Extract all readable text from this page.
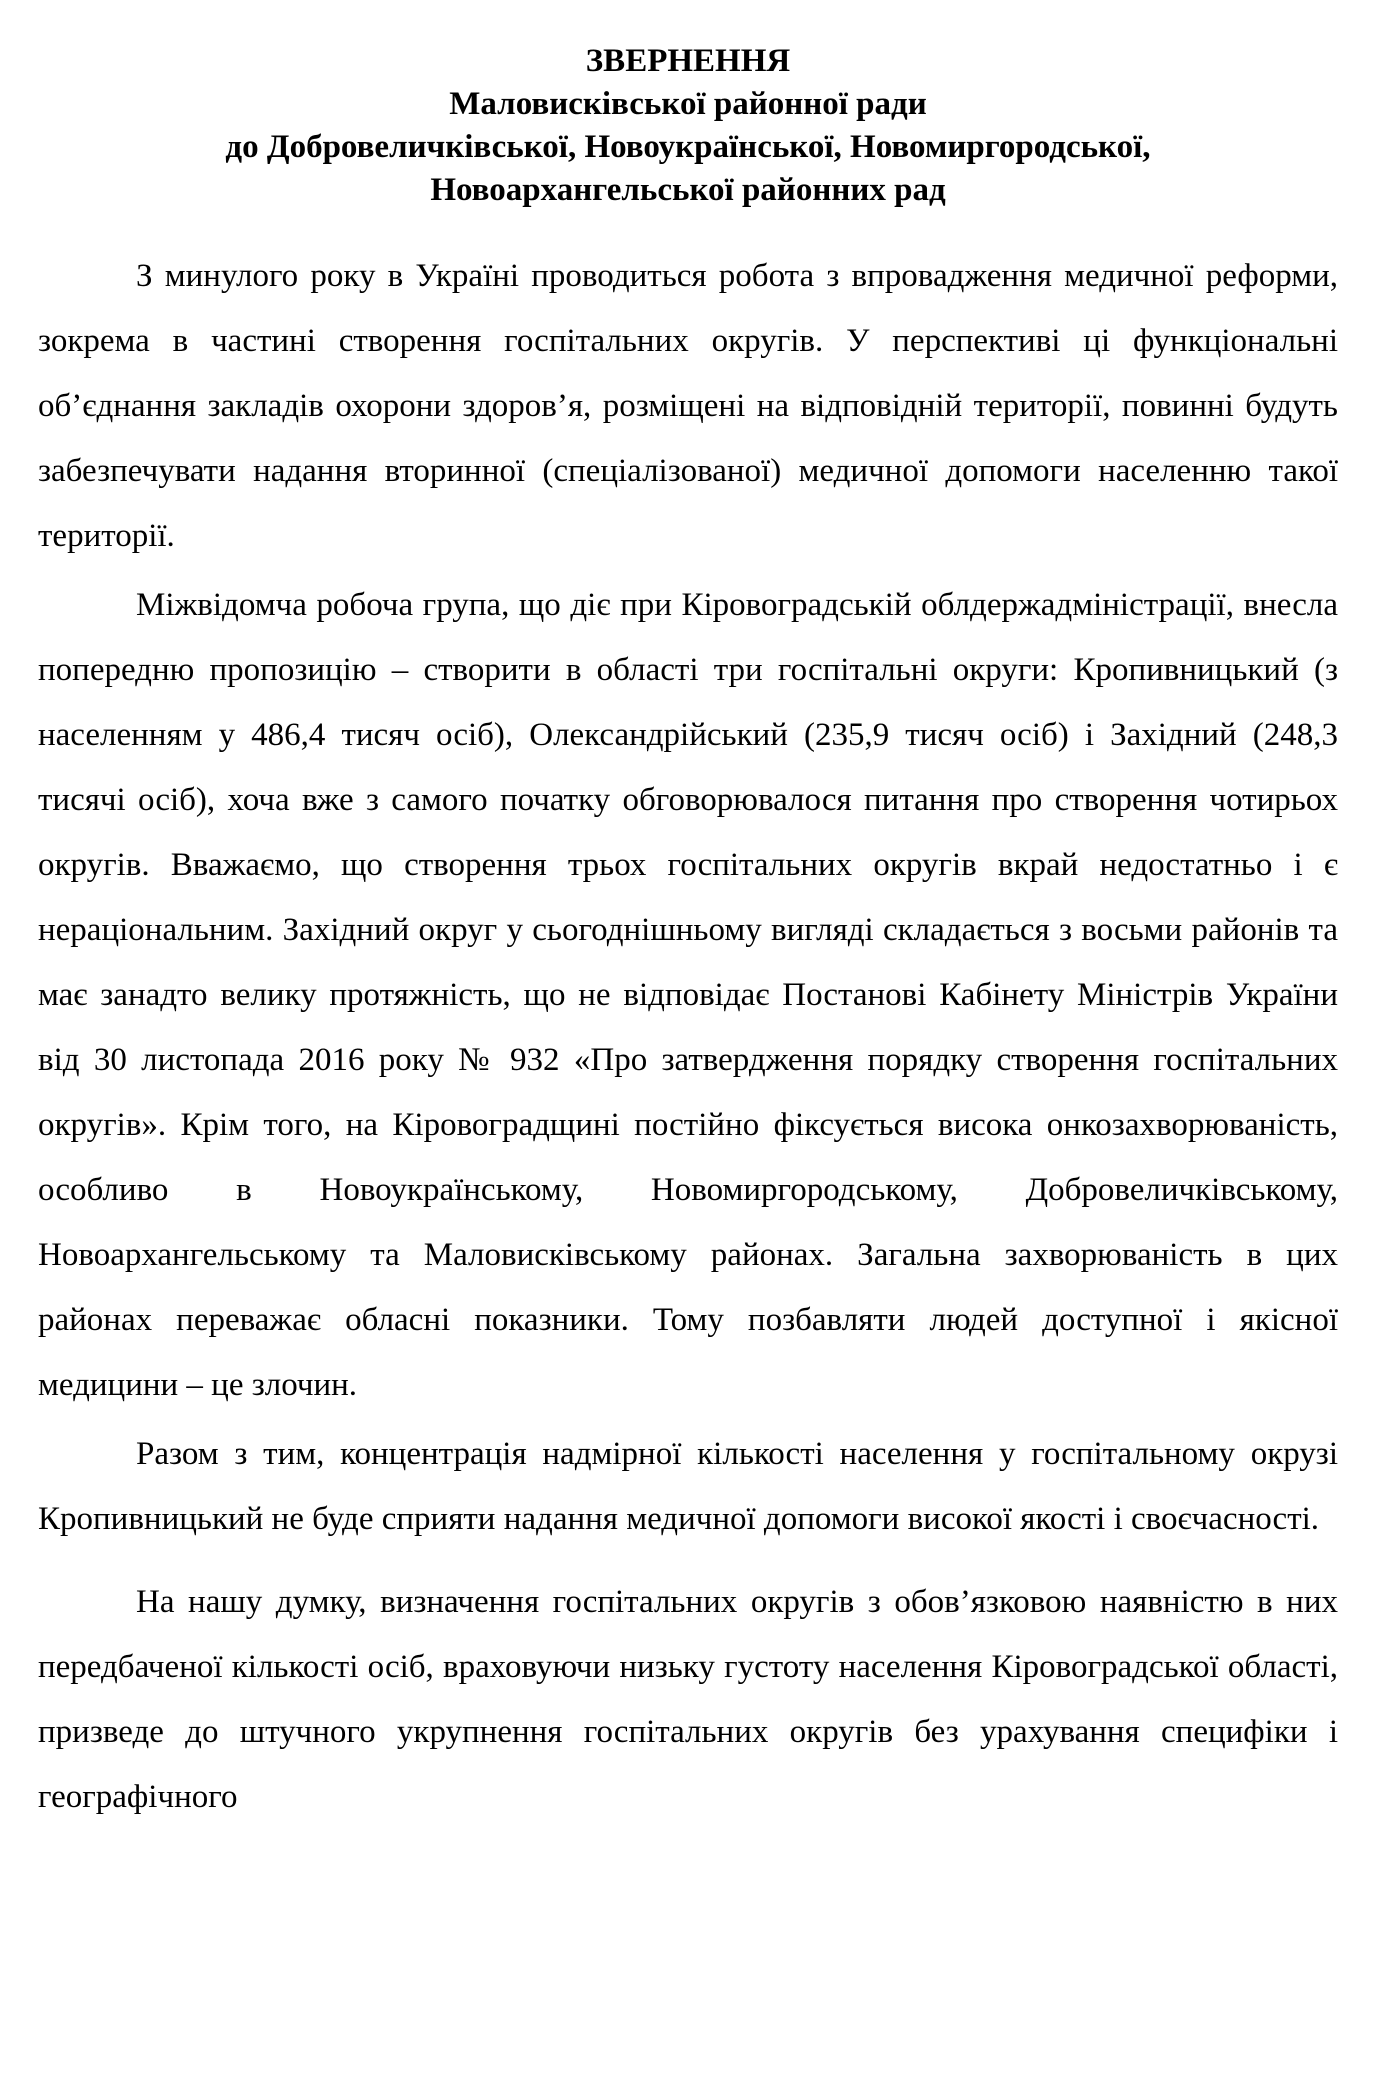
ЗВЕРНЕННЯ
Маловисківської районної ради
до Добровеличківської, Новоукраїнської, Новомиргородської,
Новоархангельської районних рад

З минулого року в Україні проводиться робота з впровадження медичної реформи, зокрема в частині створення госпітальних округів. У перспективі ці функціональні об’єднання закладів охорони здоров’я, розміщені на відповідній території, повинні будуть забезпечувати надання вторинної (спеціалізованої) медичної допомоги населенню такої території.

Міжвідомча робоча група, що діє при Кіровоградській облдержадміністрації, внесла попередню пропозицію – створити в області три госпітальні округи: Кропивницький (з населенням у 486,4 тисяч осіб), Олександрійський (235,9 тисяч осіб) і Західний (248,3 тисячі осіб), хоча вже з самого початку обговорювалося питання про створення чотирьох округів. Вважаємо, що створення трьох госпітальних округів вкрай недостатньо і є нераціональним. Західний округ у сьогоднішньому вигляді складається з восьми районів та має занадто велику протяжність, що не відповідає Постанові Кабінету Міністрів України від 30 листопада 2016 року № 932 «Про затвердження порядку створення госпітальних округів». Крім того, на Кіровоградщині постійно фіксується висока онкозахворюваність, особливо в Новоукраїнському, Новомиргородському, Добровеличківському, Новоархангельському та Маловисківському районах. Загальна захворюваність в цих районах переважає обласні показники. Тому позбавляти людей доступної і якісної медицини – це злочин.

Разом з тим, концентрація надмірної кількості населення у госпітальному окрузі Кропивницький не буде сприяти надання медичної допомоги високої якості і своєчасності.

На нашу думку, визначення госпітальних округів з обов’язковою наявністю в них передбаченої кількості осіб, враховуючи низьку густоту населення Кіровоградської області, призведе до штучного укрупнення госпітальних округів без урахування специфіки і географічного
